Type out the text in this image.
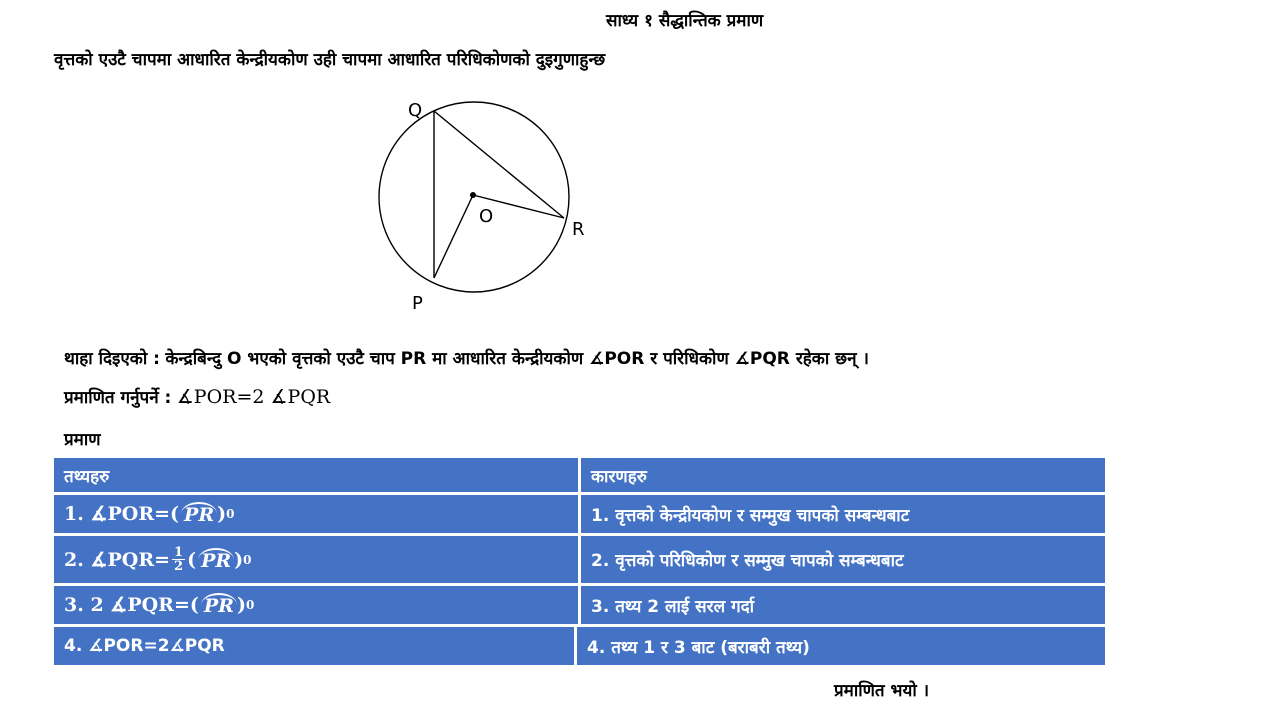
साध्य १ सैद्धान्तिक प्रमाण
वृत्तको एउटै चापमा आधारित केन्द्रीयकोण उही चापमा आधारित परिधिकोणको दुइगुणाहुन्छ
Q
O
R
P
थाहा दिइएको : केन्द्रबिन्दु O भएको वृत्तको एउटै चाप PR मा आधारित केन्द्रीयकोण ∡POR र परिधिकोण ∡PQR रहेका छन् ।
प्रमाणित गर्नुपर्ने : ∡POR=2 ∡PQR
प्रमाण
तथ्यहरु	कारणहरु
1. ∡POR= ( PR ) 0	1. वृत्तको केन्द्रीयकोण र सम्मुख चापको सम्बन्धबाट
2. ∡PQR= $\frac{1}{2}$ ( PR ) 0	2. वृत्तको परिधिकोण र सम्मुख चापको सम्बन्धबाट
3. 2 ∡PQR= ( PR ) 0	3. तथ्य 2 लाई सरल गर्दा
4. ∡POR=2∡PQR	4. तथ्य 1 र 3 बाट (बराबरी तथ्य)
प्रमाणित भयो ।
